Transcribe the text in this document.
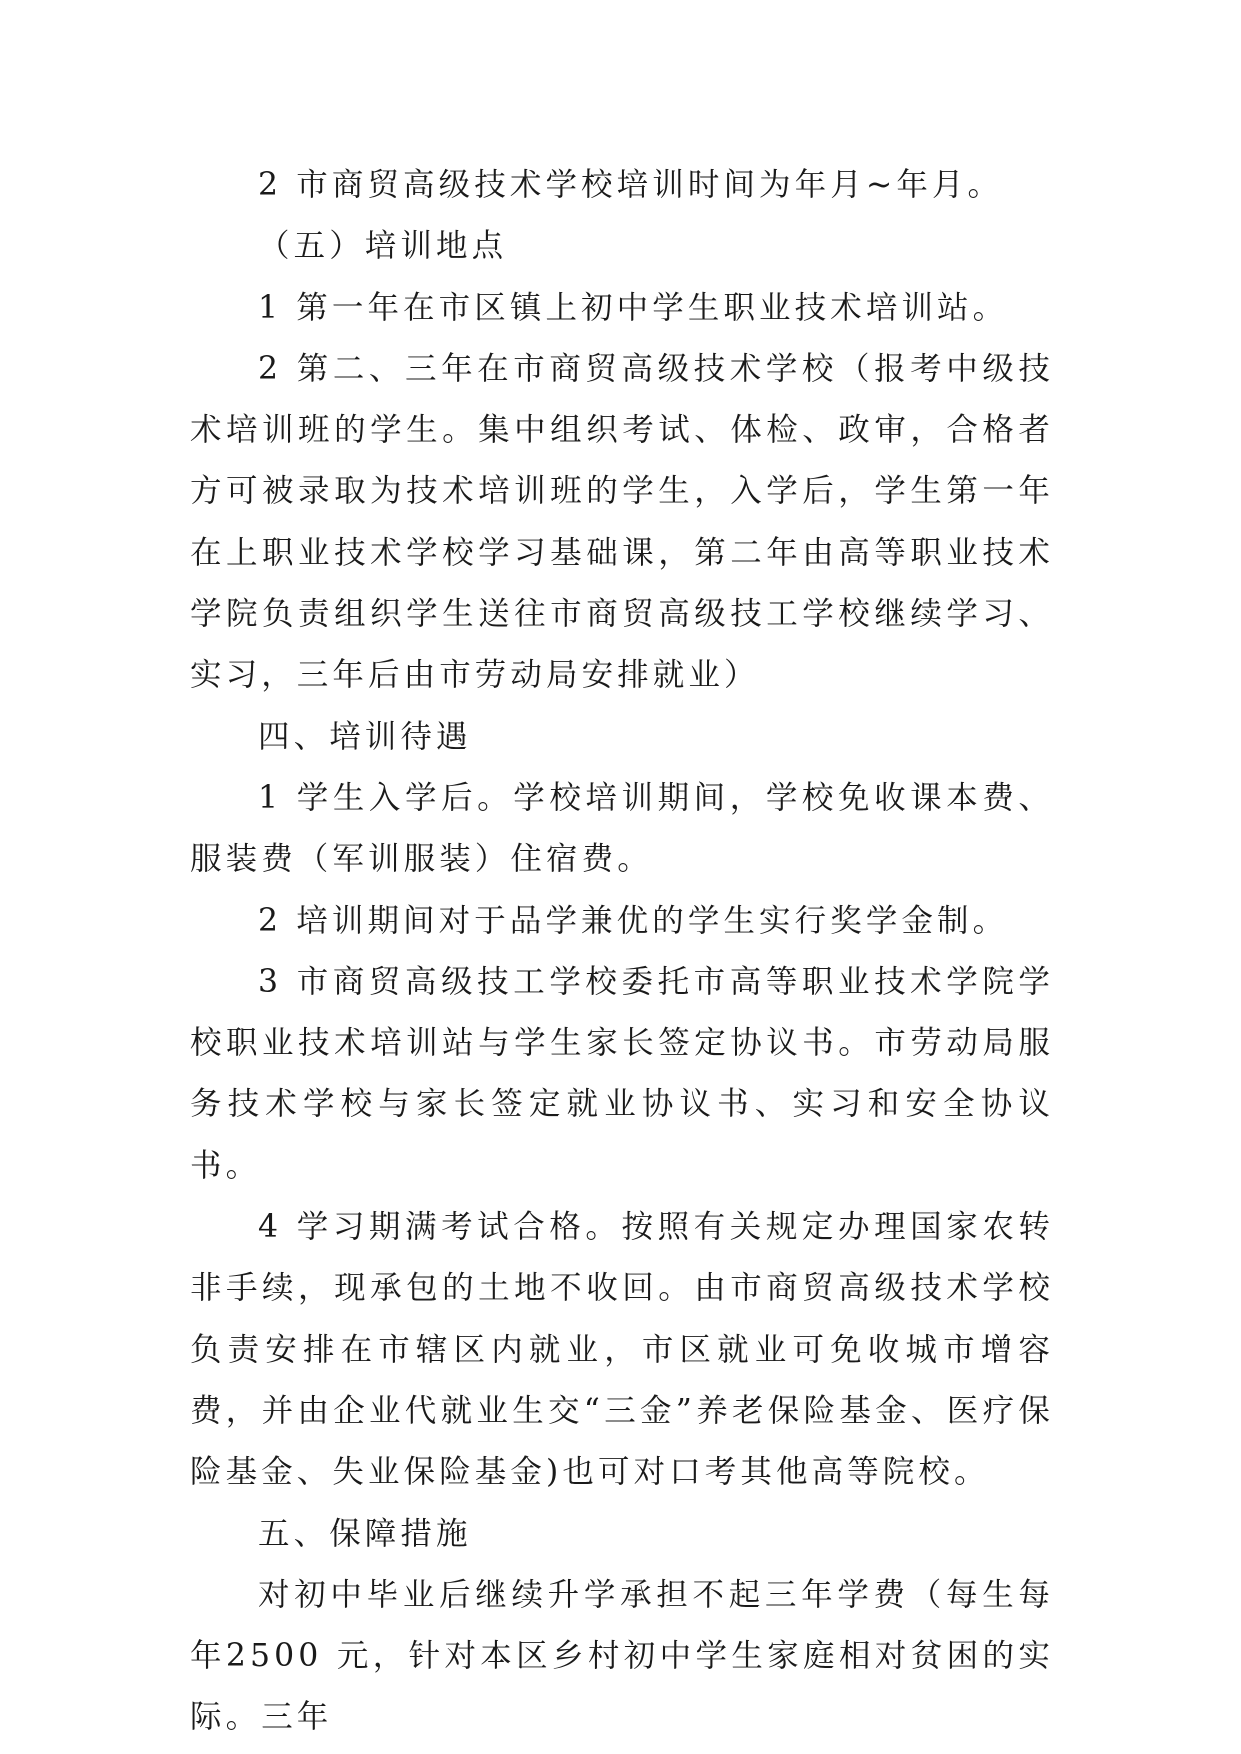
2 市商贸高级技术学校培训时间为年月~年月。

（五）培训地点

1 第一年在市区镇上初中学生职业技术培训站。

2 第二、三年在市商贸高级技术学校（报考中级技术培训班的学生。集中组织考试、体检、政审，合格者方可被录取为技术培训班的学生，入学后，学生第一年在上职业技术学校学习基础课，第二年由高等职业技术学院负责组织学生送往市商贸高级技工学校继续学习、实习，三年后由市劳动局安排就业）

四、培训待遇

1 学生入学后。学校培训期间，学校免收课本费、服装费（军训服装）住宿费。

2 培训期间对于品学兼优的学生实行奖学金制。

3 市商贸高级技工学校委托市高等职业技术学院学校职业技术培训站与学生家长签定协议书。市劳动局服务技术学校与家长签定就业协议书、实习和安全协议书。

4 学习期满考试合格。按照有关规定办理国家农转非手续，现承包的土地不收回。由市商贸高级技术学校负责安排在市辖区内就业，市区就业可免收城市增容费，并由企业代就业生交“三金”养老保险基金、医疗保险基金、失业保险基金)也可对口考其他高等院校。

五、保障措施

对初中毕业后继续升学承担不起三年学费（每生每年2500 元，针对本区乡村初中学生家庭相对贫困的实际。三年
